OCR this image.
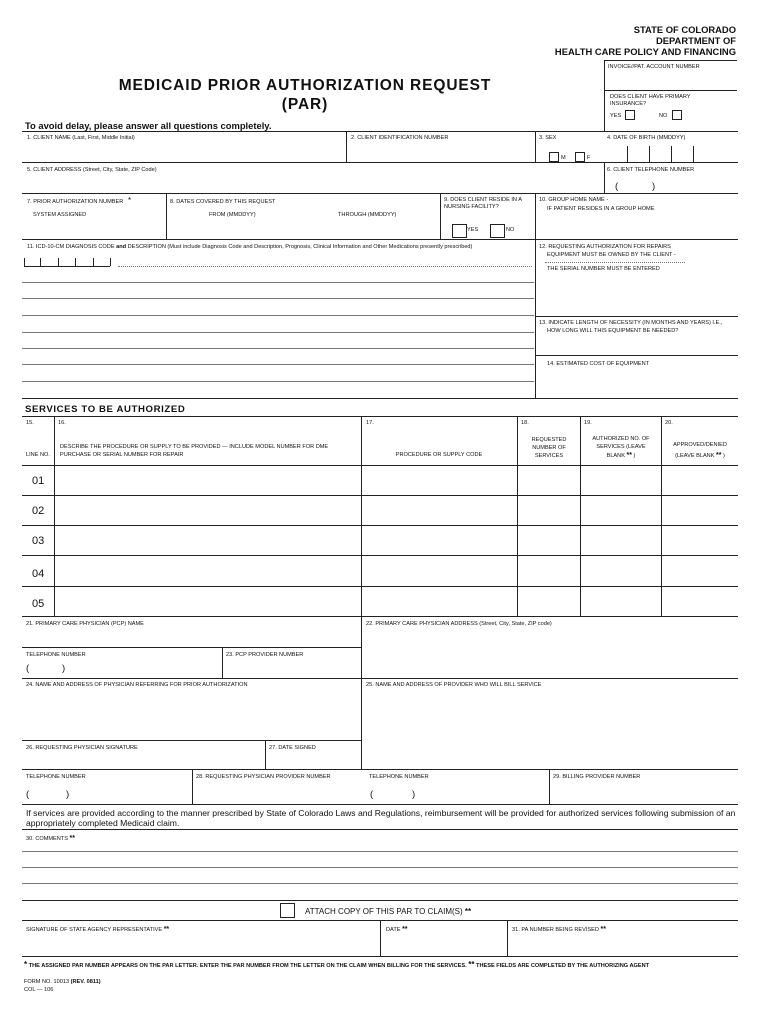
STATE OF COLORADO
DEPARTMENT OF
HEALTH CARE POLICY AND FINANCING
INVOICE//PAT. ACCOUNT NUMBER
MEDICAID PRIOR AUTHORIZATION REQUEST
(PAR)
To avoid delay, please answer all questions completely.
DOES CLIENT HAVE PRIMARY INSURANCE?
YES	NO
1. CLIENT NAME (Last, First, Middle Initial)	2. CLIENT IDENTIFICATION NUMBER	3. SEX	4. DATE OF BIRTH (MMDDYY)
M	F
5. CLIENT ADDRESS (Street, City, State, ZIP Code)	6. CLIENT TELEPHONE NUMBER
(	)
7. PRIOR AUTHORIZATION NUMBER *
SYSTEM ASSIGNED
8. DATES COVERED BY THIS REQUEST
FROM (MMDDYY)	THROUGH (MMDDYY)
9. DOES CLIENT RESIDE IN A NURSING FACILITY?
YES	NO
10. GROUP HOME NAME -
IF PATIENT RESIDES IN A GROUP HOME
11. ICD-10-CM DIAGNOSIS CODE and DESCRIPTION (Must include Diagnosis Code and Description, Prognosis, Clinical Information and Other Medications presently prescribed)	12. REQUESTING AUTHORIZATION FOR REPAIRS
EQUIPMENT MUST BE OWNED BY THE CLIENT -
THE SERIAL NUMBER MUST BE ENTERED
13. INDICATE LENGTH OF NECESSITY (IN MONTHS AND YEARS) I.E.,
HOW LONG WILL THIS EQUIPMENT BE NEEDED?
14. ESTIMATED COST OF EQUIPMENT
SERVICES TO BE AUTHORIZED
15.	16.	17.	18.	19.	20.
LINE NO.
DESCRIBE THE PROCEDURE OR SUPPLY TO BE PROVIDED — INCLUDE MODEL NUMBER FOR DME
PURCHASE OR SERIAL NUMBER FOR REPAIR	PROCEDURE OR SUPPLY CODE
REQUESTED
NUMBER OF
SERVICES
AUTHORIZED NO. OF
SERVICES (LEAVE
BLANK ** )
APPROVED/DENIED
(LEAVE BLANK ** )
01
02
03
04
05
21. PRIMARY CARE PHYSICIAN (PCP) NAME	22. PRIMARY CARE PHYSICIAN ADDRESS (Street, City, State, ZIP code)
TELEPHONE NUMBER	23. PCP PROVIDER NUMBER
(	)
24. NAME AND ADDRESS OF PHYSICIAN REFERRING FOR PRIOR AUTHORIZATION	25. NAME AND ADDRESS OF PROVIDER WHO WILL BILL SERVICE
26. REQUESTING PHYSICIAN SIGNATURE	27. DATE SIGNED
TELEPHONE NUMBER	28. REQUESTING PHYSICIAN PROVIDER NUMBER	TELEPHONE NUMBER	29. BILLING PROVIDER NUMBER
(	)	(	)
If services are provided according to the manner prescribed by State of Colorado Laws and Regulations, reimbursement will be provided for authorized services following submission of an
appropriately completed Medicaid claim.
30. COMMENTS **
ATTACH COPY OF THIS PAR TO CLAIM(S) **
SIGNATURE OF STATE AGENCY REPRESENTATIVE **	DATE **	31. PA NUMBER BEING REVISED **
* THE ASSIGNED PAR NUMBER APPEARS ON THE PAR LETTER. ENTER THE PAR NUMBER FROM THE LETTER ON THE CLAIM WHEN BILLING FOR THE SERVICES. ** THESE FIELDS ARE COMPLETED BY THE AUTHORIZING AGENT
FORM NO. 10013 (REV. 0811)
COL — 106
